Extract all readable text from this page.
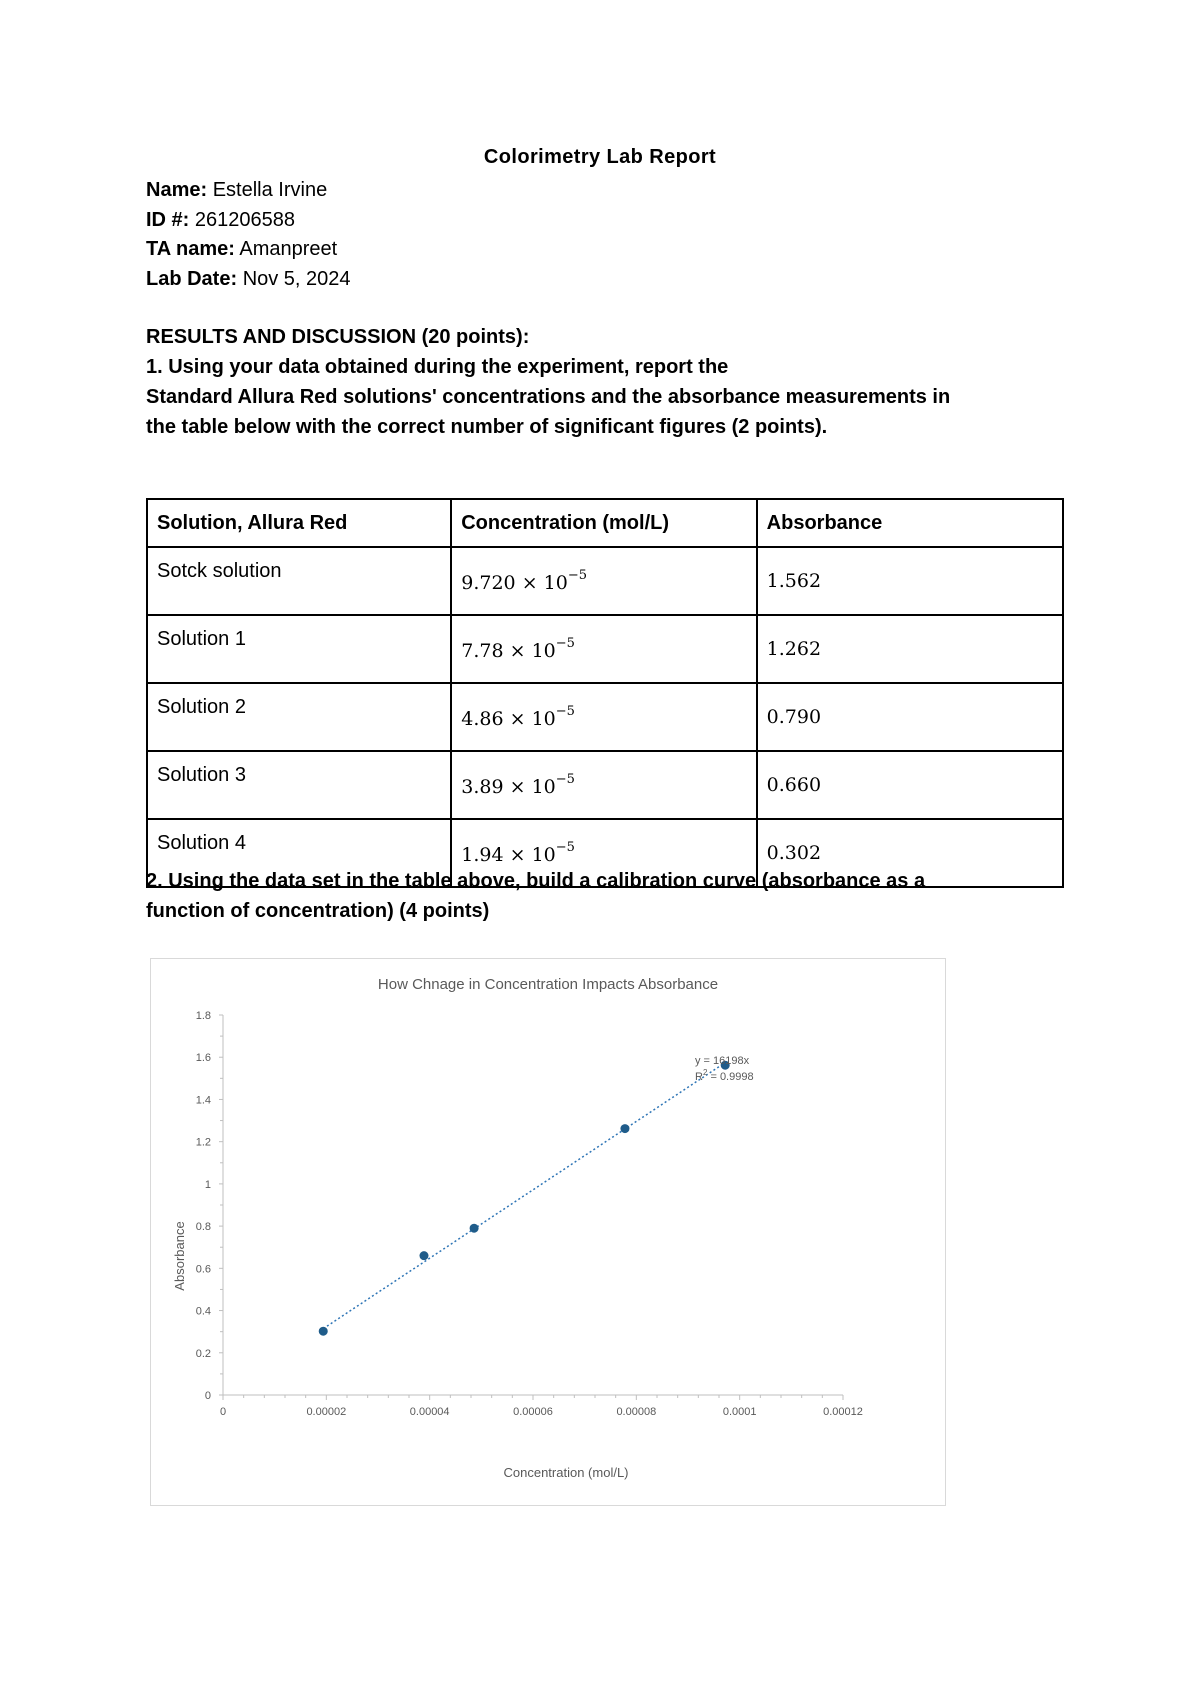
Colorimetry Lab Report
Name: Estella Irvine
ID #: 261206588
TA name: Amanpreet
Lab Date: Nov 5, 2024
RESULTS AND DISCUSSION (20 points):
1. Using your data obtained during the experiment, report the
Standard Allura Red solutions' concentrations and the absorbance measurements in
the table below with the correct number of significant figures (2 points).
Solution, Allura Red	Concentration (mol/L)	Absorbance
Sotck solution	$9.720 \times 10^{-5}$	1.562
Solution 1	$7.78 \times 10^{-5}$	1.262
Solution 2	$4.86 \times 10^{-5}$	0.790
Solution 3	$3.89 \times 10^{-5}$	0.660
Solution 4	$1.94 \times 10^{-5}$	0.302
2. Using the data set in the table above, build a calibration curve (absorbance as a
function of concentration) (4 points)
How Chnage in Concentration Impacts Absorbance
Absorbance
Concentration (mol/L)
0
0.2
0.4
0.6
0.8
1
1.2
1.4
1.6
1.8
0	0.00002	0.00004	0.00006	0.00008	0.0001	0.00012
y = 16198x
$R^2 = 0.9998$
